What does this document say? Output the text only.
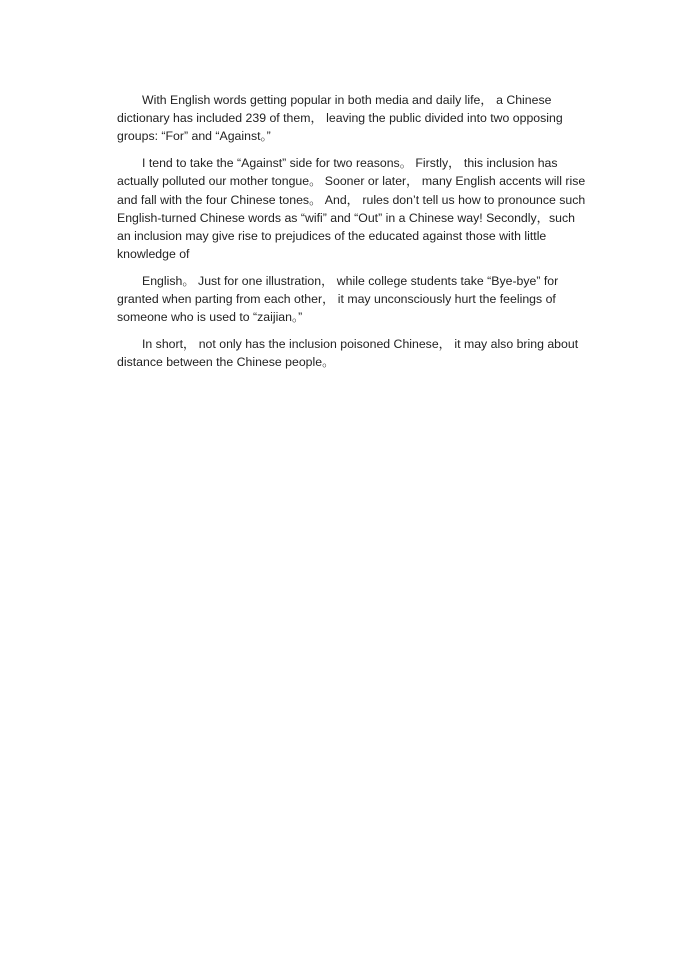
With English words getting popular in both media and daily life， a Chinese dictionary has included 239 of them， leaving the public divided into two opposing groups: “For” and “Against。”

I tend to take the “Against” side for two reasons。 Firstly， this inclusion has actually polluted our mother tongue。 Sooner or later， many English accents will rise and fall with the four Chinese tones。 And， rules don’t tell us how to pronounce such English-turned Chinese words as “wifi” and “Out” in a Chinese way! Secondly，such an inclusion may give rise to prejudices of the educated against those with little knowledge of

English。 Just for one illustration， while college students take “Bye-bye” for granted when parting from each other， it may unconsciously hurt the feelings of someone who is used to “zaijian。”

In short， not only has the inclusion poisoned Chinese， it may also bring about distance between the Chinese people。
